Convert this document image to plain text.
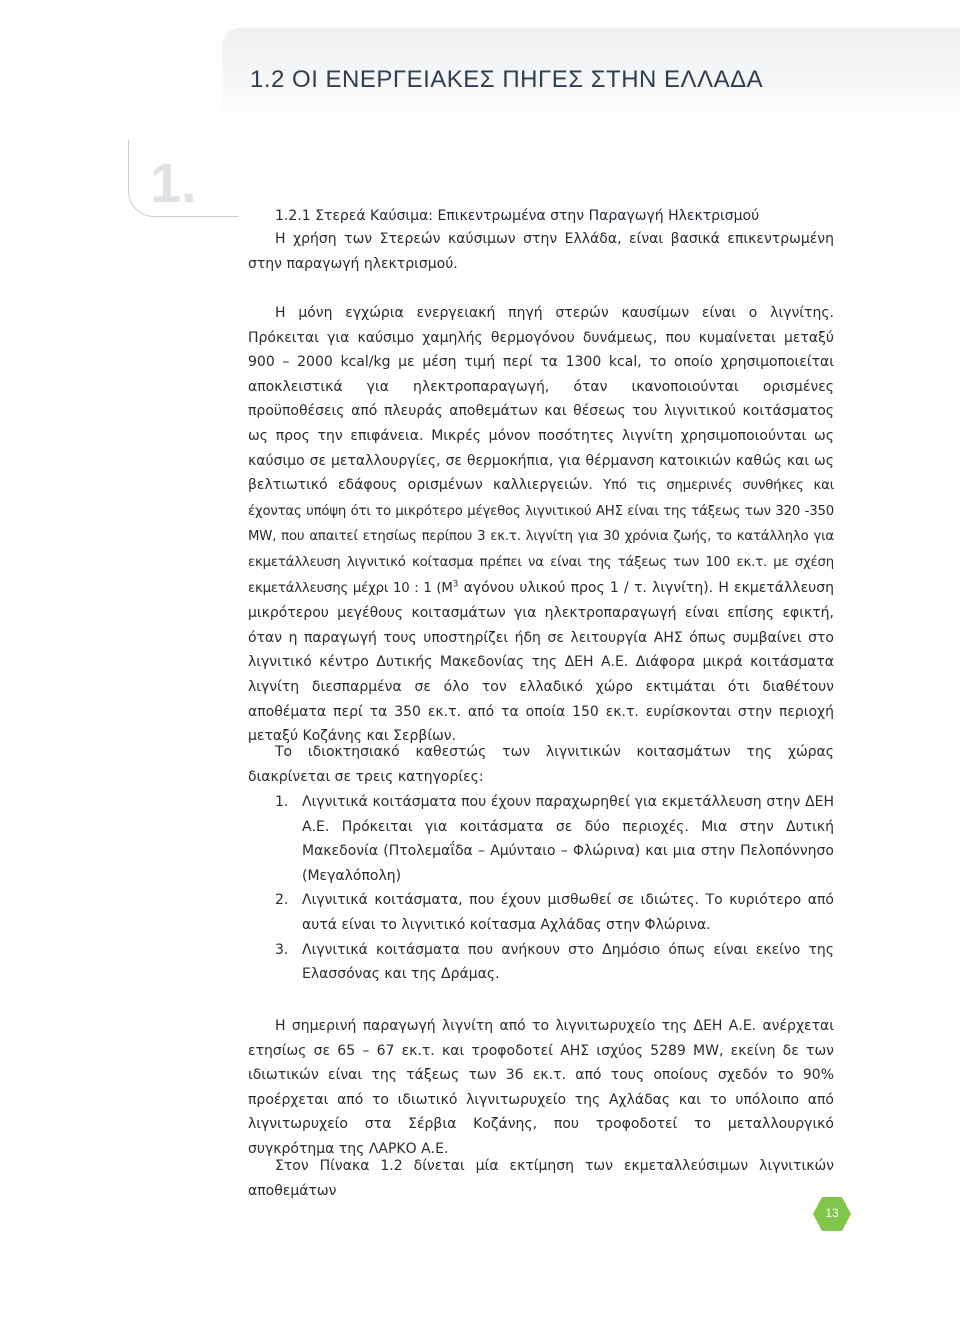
1.2 ΟΙ ΕΝΕΡΓΕΙΑΚΕΣ ΠΗΓΕΣ ΣΤΗΝ ΕΛΛΑΔΑ
1.
1.2.1 Στερεά Καύσιμα: Επικεντρωμένα στην Παραγωγή Ηλεκτρισμού

Η χρήση των Στερεών καύσιμων στην Ελλάδα, είναι βασικά επικεντρωμένη στην παραγωγή ηλεκτρισμού.

Η μόνη εγχώρια ενεργειακή πηγή στερών καυσίμων είναι ο λιγνίτης. Πρόκειται για καύσιμο χαμηλής θερμογόνου δυνάμεως, που κυμαίνεται μεταξύ 900 – 2000 kcal/kg με μέση τιμή περί τα 1300 kcal, το οποίο χρησιμοποιείται αποκλειστικά για ηλεκτροπαραγωγή, όταν ικανοποιούνται ορισμένες προϋποθέσεις από πλευράς αποθεμάτων και θέσεως του λιγνιτικού κοιτάσματος ως προς την επιφάνεια. Μικρές μόνον ποσότητες λιγνίτη χρησιμοποιούνται ως καύσιμο σε μεταλλουργίες, σε θερμοκήπια, για θέρμανση κατοικιών καθώς και ως βελτιωτικό εδάφους ορισμένων καλλιεργειών. Υπό τις σημερινές συνθήκες και έχοντας υπόψη ότι το μικρότερο μέγεθος λιγνιτικού ΑΗΣ είναι της τάξεως των 320 -350 MW, που απαιτεί ετησίως περίπου 3 εκ.τ. λιγνίτη για 30 χρόνια ζωής, το κατάλληλο για εκμετάλλευση λιγνιτικό κοίτασμα πρέπει να είναι της τάξεως των 100 εκ.τ. με σχέση εκμετάλλευσης μέχρι 10 : 1 ($M^3$ αγόνου υλικού προς 1 / τ. λιγνίτη). Η εκμετάλλευση μικρότερου μεγέθους κοιτασμάτων για ηλεκτροπαραγωγή είναι επίσης εφικτή, όταν η παραγωγή τους υποστηρίζει ήδη σε λειτουργία ΑΗΣ όπως συμβαίνει στο λιγνιτικό κέντρο Δυτικής Μακεδονίας της ΔΕΗ Α.Ε. Διάφορα μικρά κοιτάσματα λιγνίτη διεσπαρμένα σε όλο τον ελλαδικό χώρο εκτιμάται ότι διαθέτουν αποθέματα περί τα 350 εκ.τ. από τα οποία 150 εκ.τ. ευρίσκονται στην περιοχή μεταξύ Κοζάνης και Σερβίων.

Το ιδιοκτησιακό καθεστώς των λιγνιτικών κοιτασμάτων της χώρας διακρίνεται σε τρεις κατηγορίες:

1. Λιγνιτικά κοιτάσματα που έχουν παραχωρηθεί για εκμετάλλευση στην ΔΕΗ Α.Ε. Πρόκειται για κοιτάσματα σε δύο περιοχές. Μια στην Δυτική Μακεδονία (Πτολεμαΐδα – Αμύνταιο – Φλώρινα) και μια στην Πελοπόννησο (Μεγαλόπολη)
2. Λιγνιτικά κοιτάσματα, που έχουν μισθωθεί σε ιδιώτες. Το κυριότερο από αυτά είναι το λιγνιτικό κοίτασμα Αχλάδας στην Φλώρινα.
3. Λιγνιτικά κοιτάσματα που ανήκουν στο Δημόσιο όπως είναι εκείνο της Ελασσόνας και της Δράμας.

Η σημερινή παραγωγή λιγνίτη από το λιγνιτωρυχείο της ΔΕΗ Α.Ε. ανέρχεται ετησίως σε 65 – 67 εκ.τ. και τροφοδοτεί ΑΗΣ ισχύος 5289 MW, εκείνη δε των ιδιωτικών είναι της τάξεως των 36 εκ.τ. από τους οποίους σχεδόν το 90% προέρχεται από το ιδιωτικό λιγνιτωρυχείο της Αχλάδας και το υπόλοιπο από λιγνιτωρυχείο στα Σέρβια Κοζάνης, που τροφοδοτεί το μεταλλουργικό συγκρότημα της ΛΑΡΚΟ Α.Ε.

Στον Πίνακα 1.2 δίνεται μία εκτίμηση των εκμεταλλεύσιμων λιγνιτικών αποθεμάτων

13
